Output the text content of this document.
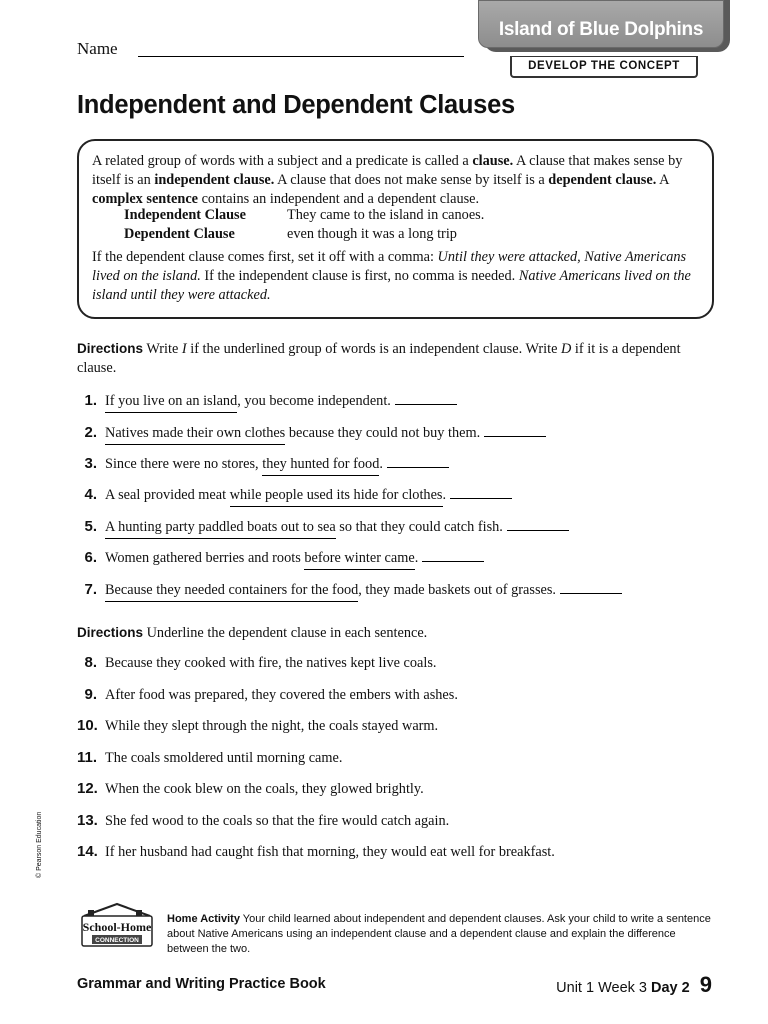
Island of Blue Dolphins
DEVELOP THE CONCEPT
Name
Independent and Dependent Clauses
A related group of words with a subject and a predicate is called a clause. A clause that makes sense by itself is an independent clause. A clause that does not make sense by itself is a dependent clause. A complex sentence contains an independent and a dependent clause.
Independent Clause	They came to the island in canoes.
Dependent Clause	even though it was a long trip
If the dependent clause comes first, set it off with a comma: Until they were attacked, Native Americans lived on the island. If the independent clause is first, no comma is needed. Native Americans lived on the island until they were attacked.
Directions Write I if the underlined group of words is an independent clause. Write D if it is a dependent clause.
1. If you live on an island, you become independent.
2. Natives made their own clothes because they could not buy them.
3. Since there were no stores, they hunted for food.
4. A seal provided meat while people used its hide for clothes.
5. A hunting party paddled boats out to sea so that they could catch fish.
6. Women gathered berries and roots before winter came.
7. Because they needed containers for the food, they made baskets out of grasses.
Directions Underline the dependent clause in each sentence.
8. Because they cooked with fire, the natives kept live coals.
9. After food was prepared, they covered the embers with ashes.
10. While they slept through the night, the coals stayed warm.
11. The coals smoldered until morning came.
12. When the cook blew on the coals, they glowed brightly.
13. She fed wood to the coals so that the fire would catch again.
14. If her husband had caught fish that morning, they would eat well for breakfast.
© Pearson Education
School-Home
CONNECTION
Home Activity Your child learned about independent and dependent clauses. Ask your child to write a sentence about Native Americans using an independent clause and a dependent clause and explain the difference between the two.
Grammar and Writing Practice Book	Unit 1 Week 3 Day 2 9
